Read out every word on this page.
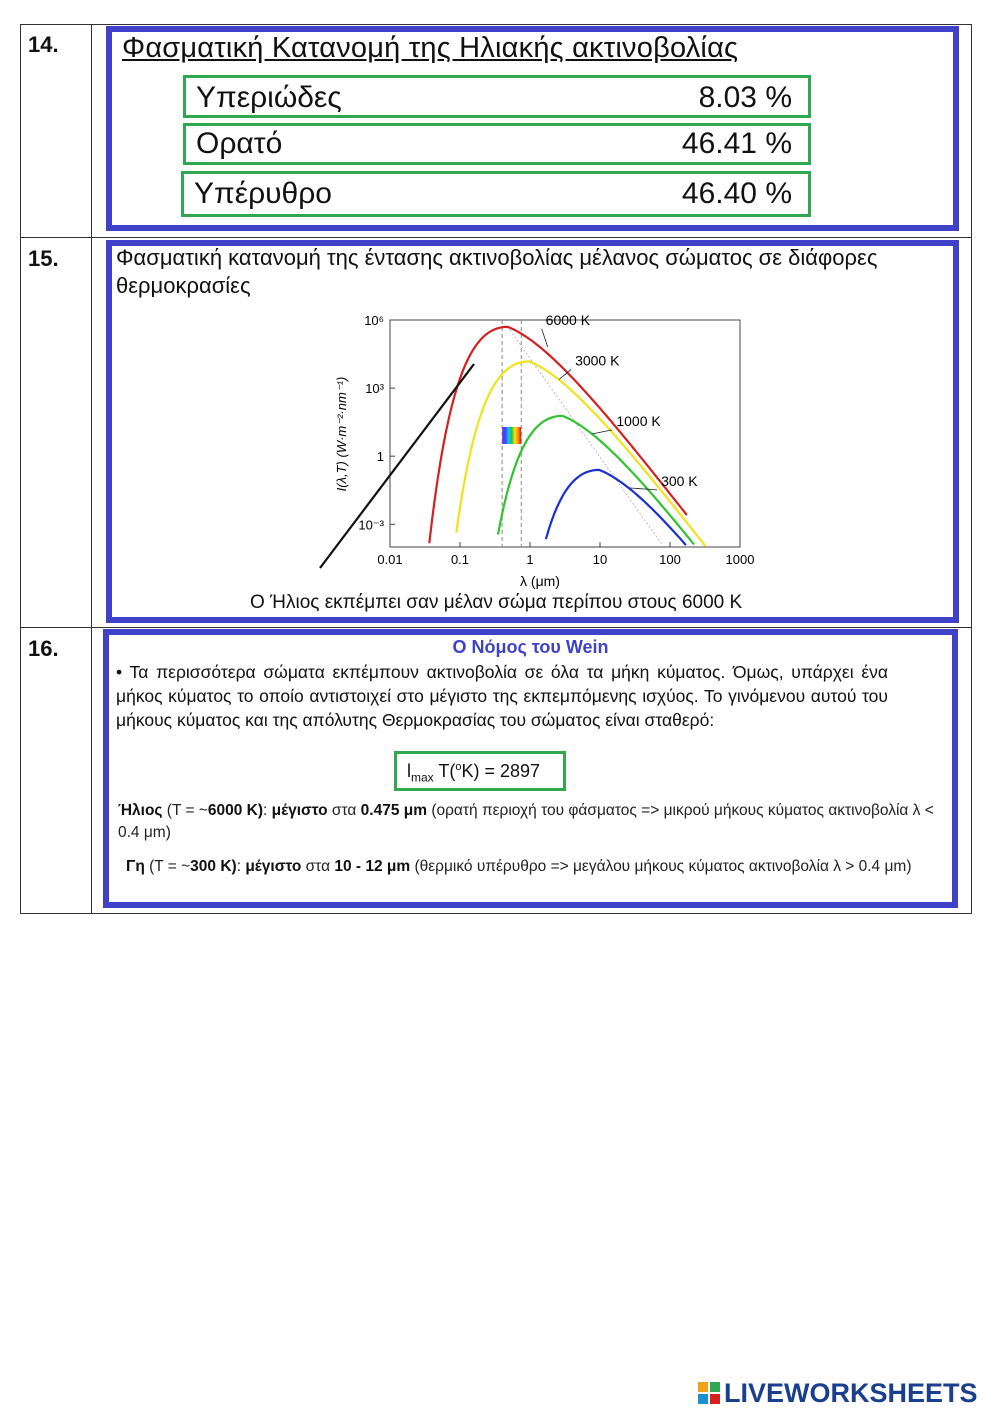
14. Φασματική Κατανομή της Ηλιακής ακτινοβολίας
Υπεριώδες	8.03 %
Ορατό	46.41 %
Υπέρυθρο	46.40 %
15.	Φασματική κατανομή της έντασης ακτινοβολίας μέλανος σώματος σε διάφορες θερμοκρασίες
6000 K
3000 K
1000 K
300 K
0.01	0.1	1	10	100	1000
10⁶
10³
1
10⁻³
λ (μm)
I(λ,T) (W·m⁻²·nm⁻¹)
Ο Ήλιος εκπέμπει σαν μέλαν σώμα περίπου στους 6000 K
16.	Ο Νόμος του Wein
• Τα περισσότερα σώματα εκπέμπουν ακτινοβολία σε όλα τα μήκη κύματος. Όμως, υπάρχει ένα μήκος κύματος το οποίο αντιστοιχεί στο μέγιστο της εκπεμπόμενης ισχύος. Το γινόμενου αυτού του μήκους κύματος και της απόλυτης Θερμοκρασίας του σώματος είναι σταθερό:
$l_{max}$ T($^o$K) = 2897
Ήλιος (T = ~6000 K): μέγιστο στα 0.475 μm (ορατή περιοχή του φάσματος => μικρού μήκους κύματος ακτινοβολία λ < 0.4 μm)
Γη (T = ~300 K): μέγιστο στα 10 - 12 μm (θερμικό υπέρυθρο => μεγάλου μήκους κύματος ακτινοβολία λ > 0.4 μm)
LIVEWORKSHEETS
